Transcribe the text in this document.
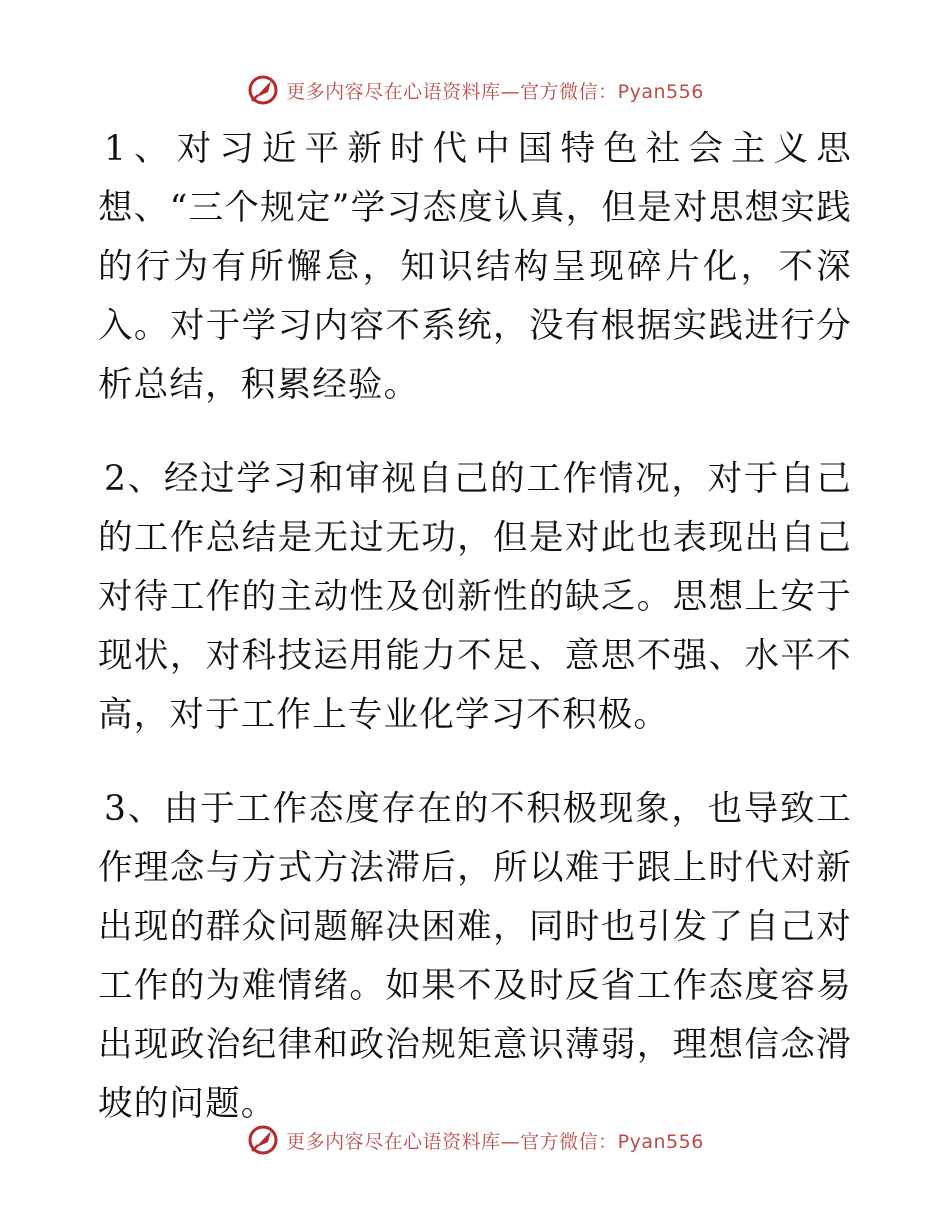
更多内容尽在心语资料库—官方微信：Pyan556

1、对习近平新时代中国特色社会主义思想、“三个规定”学习态度认真，但是对思想实践的行为有所懈怠，知识结构呈现碎片化，不深入。对于学习内容不系统，没有根据实践进行分析总结，积累经验。

2、经过学习和审视自己的工作情况，对于自己的工作总结是无过无功，但是对此也表现出自己对待工作的主动性及创新性的缺乏。思想上安于现状，对科技运用能力不足、意思不强、水平不高，对于工作上专业化学习不积极。

3、由于工作态度存在的不积极现象，也导致工作理念与方式方法滞后，所以难于跟上时代对新出现的群众问题解决困难，同时也引发了自己对工作的为难情绪。如果不及时反省工作态度容易出现政治纪律和政治规矩意识薄弱，理想信念滑坡的问题。

更多内容尽在心语资料库—官方微信：Pyan556
